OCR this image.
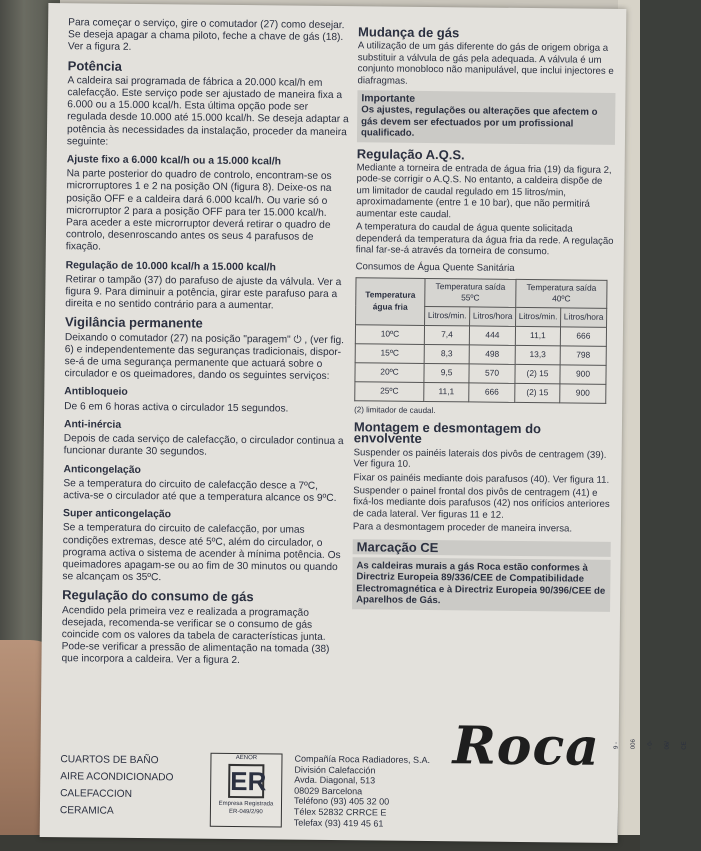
Para começar o serviço, gire o comutador (27) como desejar. Se deseja apagar a chama piloto, feche a chave de gás (18). Ver a figura 2.

Potência

A caldeira sai programada de fábrica a 20.000 kcal/h em calefacção. Este serviço pode ser ajustado de maneira fixa a 6.000 ou a 15.000 kcal/h. Esta última opção pode ser regulada desde 10.000 até 15.000 kcal/h. Se deseja adaptar a potência às necessidades da instalação, proceder da maneira seguinte:

Ajuste fixo a 6.000 kcal/h ou a 15.000 kcal/h

Na parte posterior do quadro de controlo, encontram-se os microrruptores 1 e 2 na posição ON (figura 8). Deixe-os na posição OFF e a caldeira dará 6.000 kcal/h. Ou varie só o microrruptor 2 para a posição OFF para ter 15.000 kcal/h. Para aceder a este microrruptor deverá retirar o quadro de controlo, desenroscando antes os seus 4 parafusos de fixação.

Regulação de 10.000 kcal/h a 15.000 kcal/h

Retirar o tampão (37) do parafuso de ajuste da válvula. Ver a figura 9. Para diminuir a potência, girar este parafuso para a direita e no sentido contrário para a aumentar.

Vigilância permanente

Deixando o comutador (27) na posição "paragem" ⏻ , (ver fig. 6) e independentemente das seguranças tradicionais, dispor-se-á de uma segurança permanente que actuará sobre o circulador e os queimadores, dando os seguintes serviços:

Antibloqueio

De 6 em 6 horas activa o circulador 15 segundos.

Anti-inércia

Depois de cada serviço de calefacção, o circulador continua a funcionar durante 30 segundos.

Anticongelação

Se a temperatura do circuito de calefacção desce a 7ºC, activa-se o circulador até que a temperatura alcance os 9ºC.

Super anticongelação

Se a temperatura do circuito de calefacção, por umas condições extremas, desce até 5ºC, além do circulador, o programa activa o sistema de acender à mínima potência. Os queimadores apagam-se ou ao fim de 30 minutos ou quando se alcançam os 35ºC.

Regulação do consumo de gás

Acendido pela primeira vez e realizada a programação desejada, recomenda-se verificar se o consumo de gás coincide com os valores da tabela de características junta. Pode-se verificar a pressão de alimentação na tomada (38) que incorpora a caldeira. Ver a figura 2.

Mudança de gás

A utilização de um gás diferente do gás de origem obriga a substituir a válvula de gás pela adequada. A válvula é um conjunto monobloco não manipulável, que inclui injectores e diafragmas.

Importante
Os ajustes, regulações ou alterações que afectem o gás devem ser efectuados por um profissional qualificado.
Regulação A.Q.S.

Mediante a torneira de entrada de água fria (19) da figura 2, pode-se corrigir o A.Q.S. No entanto, a caldeira dispõe de um limitador de caudal regulado em 15 litros/min, aproximadamente (entre 1 e 10 bar), que não permitirá aumentar este caudal.

A temperatura do caudal de água quente solicitada dependerá da temperatura da água fria da rede. A regulação final far-se-á através da torneira de consumo.

Consumos de Água Quente Sanitária

Temperatura água fria	Temperatura saída 55ºC		Temperatura saída 40ºC	
	Litros/min.	Litros/hora	Litros/min.	Litros/hora
10ºC	7,4	444	11,1	666
15ºC	8,3	498	13,3	798
20ºC	9,5	570	(2) 15	900
25ºC	11,1	666	(2) 15	900

(2) limitador de caudal.

Montagem e desmontagem do envolvente

Suspender os painéis laterais dos pivôs de centragem (39). Ver figura 10.

Fixar os painéis mediante dois parafusos (40). Ver figura 11.

Suspender o painel frontal dos pivôs de centragem (41) e fixá-los mediante dois parafusos (42) nos orifícios anteriores de cada lateral. Ver figuras 11 e 12.

Para a desmontagem proceder de maneira inversa.

Marcação CE
As caldeiras murais a gás Roca estão conformes à Directriz Europeia 89/336/CEE de Compatibilidade Electromagnética e à Directriz Europeia 90/396/CEE de Aparelhos de Gás.
CUARTOS DE BAÑO
AIRE ACONDICIONADO
CALEFACCION
CERAMICA
AENOR
ER
Empresa Registrada
ER-049/2/90
Compañía Roca Radiadores, S.A.
División Calefacción
Avda. Diagonal, 513
08029 Barcelona
Teléfono (93) 405 32 00
Télex 52832 CRRCE E
Telefax (93) 419 45 61
Roca	9 - 006 - 0-06/ CE
